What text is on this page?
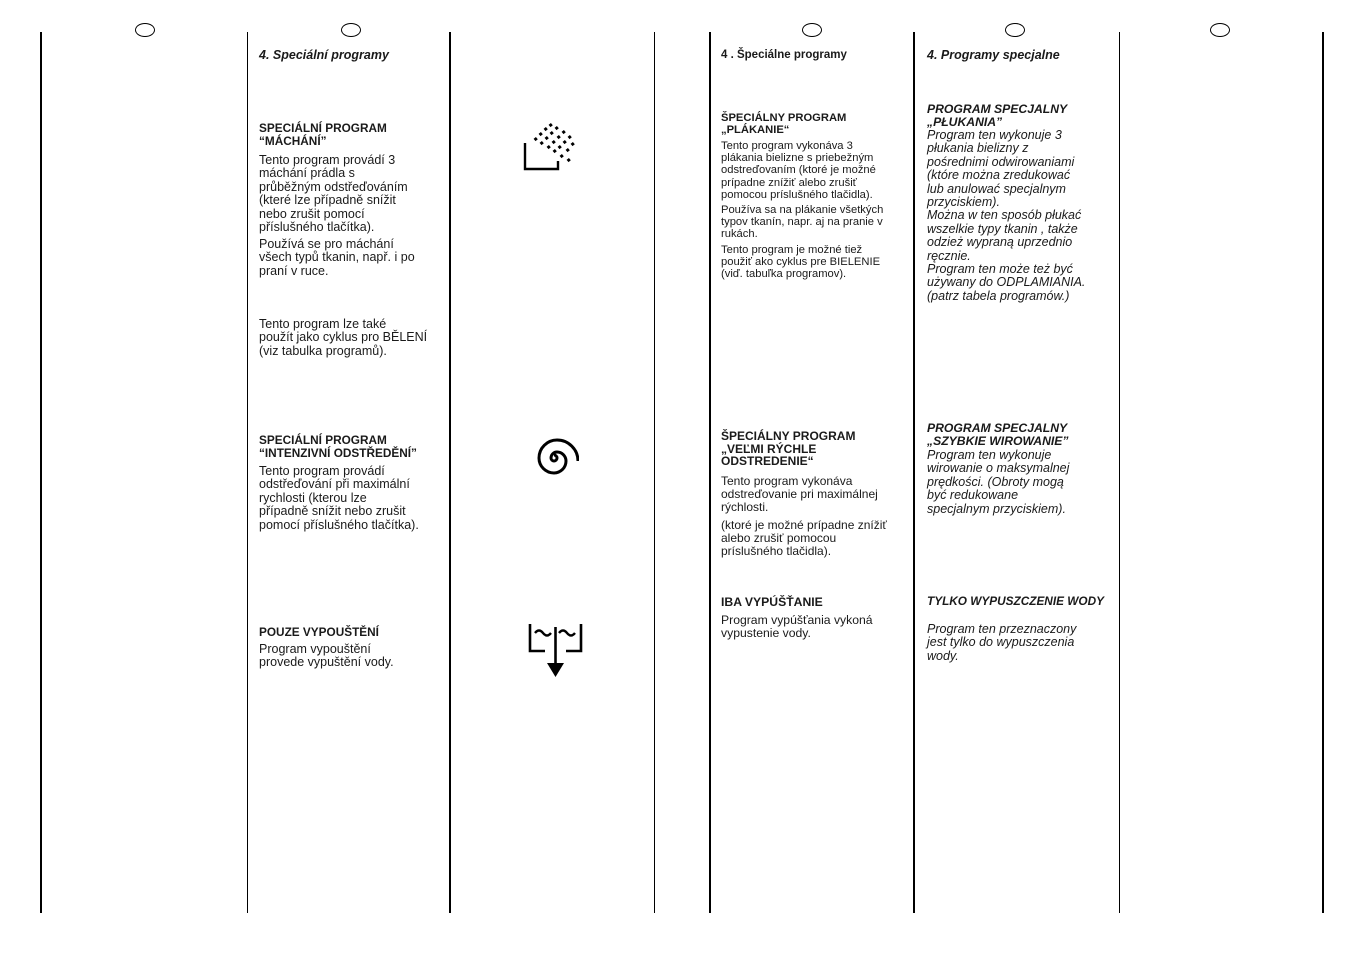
4. Speciální programy

SPECIÁLNÍ PROGRAM
“MÁCHÁNÍ”

Tento program provádí 3
máchání prádla s
průběžným odstřeďováním
(které lze případně snížit
nebo zrušit pomocí
příslušného tlačítka).

Používá se pro máchání
všech typů tkanin, např. i po
praní v ruce.

Tento program lze také
použít jako cyklus pro BĚLENÍ
(viz tabulka programů).

SPECIÁLNÍ PROGRAM
“INTENZIVNÍ ODSTŘEDĚNÍ”

Tento program provádí
odstřeďování při maximální
rychlosti (kterou lze
případně snížit nebo zrušit
pomocí příslušného tlačítka).

POUZE VYPOUŠTĚNÍ

Program vypouštění
provede vypuštění vody.

4 . Špeciálne programy

ŠPECIÁLNY PROGRAM
„PLÁKANIE“

Tento program vykonáva 3
plákania bielizne s priebežným
odstreďovaním (ktoré je možné
prípadne znížiť alebo zrušiť
pomocou príslušného tlačidla).

Používa sa na plákanie všetkých
typov tkanín, napr. aj na pranie v
rukách.

Tento program je možné tiež
použiť ako cyklus pre BIELENIE
(viď. tabuľka programov).

ŠPECIÁLNY PROGRAM
„VEĽMI RÝCHLE
ODSTREDENIE“

Tento program vykonáva
odstreďovanie pri maximálnej
rýchlosti.

(ktoré je možné prípadne znížiť
alebo zrušiť pomocou
príslušného tlačidla).

IBA VYPÚŠŤANIE

Program vypúšťania vykoná
vypustenie vody.

4. Programy specjalne

PROGRAM SPECJALNY
„PŁUKANIA”

Program ten wykonuje 3
płukania bielizny z
pośrednimi odwirowaniami
(które można zredukować
lub anulować specjalnym
przyciskiem).
Można w ten sposób płukać
wszelkie typy tkanin , także
odzież wypraną uprzednio
ręcznie.
Program ten może też być
używany do ODPLAMIANIA.
(patrz tabela programów.)

PROGRAM SPECJALNY
„SZYBKIE WIROWANIE”

Program ten wykonuje
wirowanie o maksymalnej
prędkości. (Obroty mogą
być redukowane
specjalnym przyciskiem).

TYLKO WYPUSZCZENIE WODY

Program ten przeznaczony
jest tylko do wypuszczenia
wody.
